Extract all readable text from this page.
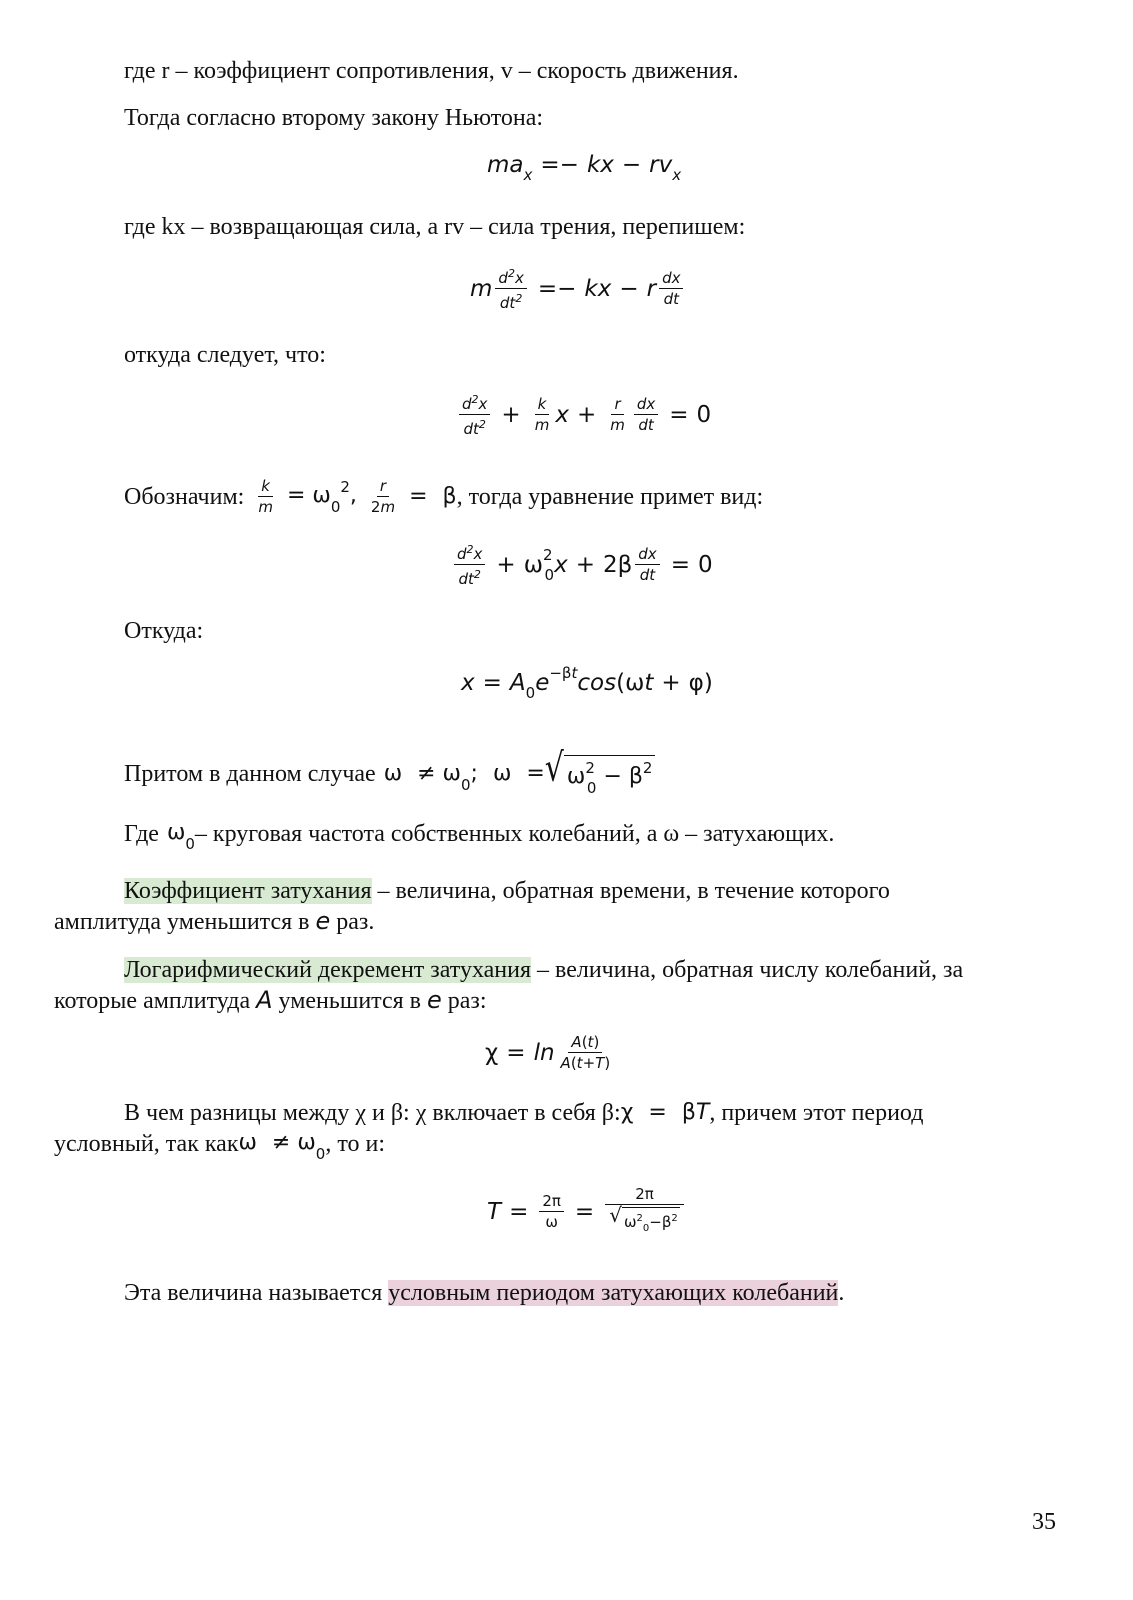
где r – коэффициент сопротивления, v – скорость движения.
Тогда согласно второму закону Ньютона:
ma x =− kx − rv x
где kx – возвращающая сила, а rv – сила трения, перепишем:
m $\frac{d^2x}{dt^2}$ =− kx − r $\frac{dx}{dt}$
откуда следует, что:
$\frac{d^2x}{dt^2} + \frac{k}{m}$ $x + \frac{r}{m} \frac{dx}{dt}$ =
0
Обозначим: $\frac{k}{m} = \omega_0^2$, $\frac{r}{2m} = \beta$ , тогда уравнение примет вид:
$\frac{d^2x}{dt^2}$ +
ω 2
0 x +
$2\beta \frac{dx}{dt}$ =
0
Откуда:
x = A 0 e −βt cos (ω t +
φ)
Притом в данном случае $\omega \ne \omega_0$; ω = √ $\omega^2_0 - \beta^2$
Где $\omega_0$ – круговая частота собственных колебаний, а ω – затухающих.
Коэффициент затухания – величина, обратная времени, в течение которого
амплитуда уменьшится в e раз.
Логарифмический декремент затухания – величина, обратная числу колебаний, за
которые амплитуда A уменьшится в e раз:
χ
= $\ln \frac{A(t)}{A(t+T)}$
В чем разницы между χ и β: χ включает в себя β: χ = βT , причем этот период
условный, так как $\omega \ne \omega_0$ , то и:
$T = \frac{2\pi}{\omega} = \frac{2\pi}{√ \omega^2_0-\beta^2}$
Эта величина называется условным периодом затухающих колебаний.
35
